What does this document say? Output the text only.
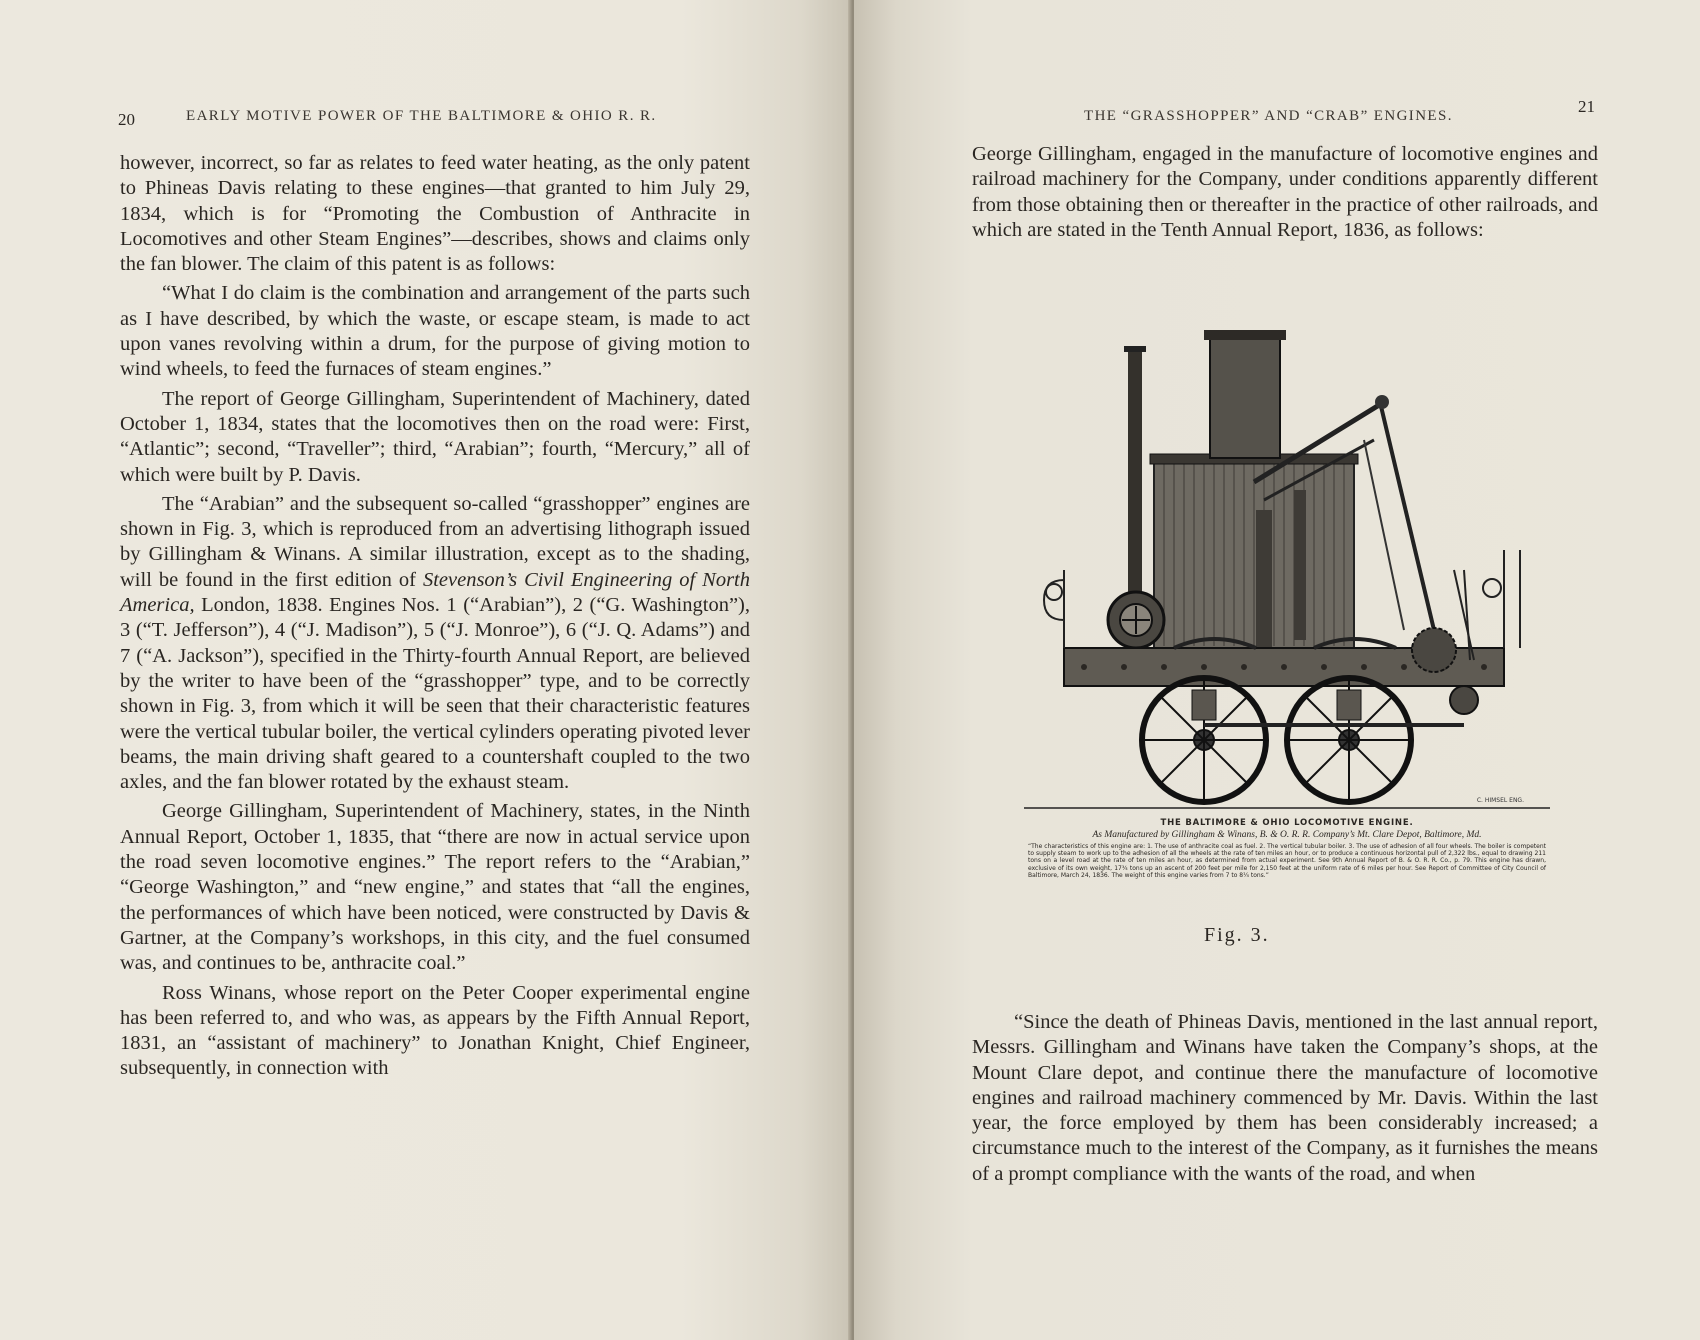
20	EARLY MOTIVE POWER OF THE BALTIMORE & OHIO R. R.

however, incorrect, so far as relates to feed water heating, as the only patent to Phineas Davis relating to these engines—that granted to him July 29, 1834, which is for “Promoting the Combustion of Anthracite in Locomotives and other Steam Engines”—describes, shows and claims only the fan blower. The claim of this patent is as follows:

“What I do claim is the combination and arrangement of the parts such as I have described, by which the waste, or escape steam, is made to act upon vanes revolving within a drum, for the purpose of giving motion to wind wheels, to feed the furnaces of steam engines.”

The report of George Gillingham, Superintendent of Machinery, dated October 1, 1834, states that the locomotives then on the road were: First, “Atlantic”; second, “Traveller”; third, “Arabian”; fourth, “Mercury,” all of which were built by P. Davis.

The “Arabian” and the subsequent so-called “grasshopper” engines are shown in Fig. 3, which is reproduced from an advertising lithograph issued by Gillingham & Winans. A similar illustration, except as to the shading, will be found in the first edition of Stevenson’s Civil Engineering of North America, London, 1838. Engines Nos. 1 (“Arabian”), 2 (“G. Washington”), 3 (“T. Jefferson”), 4 (“J. Madison”), 5 (“J. Monroe”), 6 (“J. Q. Adams”) and 7 (“A. Jackson”), specified in the Thirty-fourth Annual Report, are believed by the writer to have been of the “grasshopper” type, and to be correctly shown in Fig. 3, from which it will be seen that their characteristic features were the vertical tubular boiler, the vertical cylinders operating pivoted lever beams, the main driving shaft geared to a countershaft coupled to the two axles, and the fan blower rotated by the exhaust steam.

George Gillingham, Superintendent of Machinery, states, in the Ninth Annual Report, October 1, 1835, that “there are now in actual service upon the road seven locomotive engines.” The report refers to the “Arabian,” “George Washington,” and “new engine,” and states that “all the engines, the performances of which have been noticed, were constructed by Davis & Gartner, at the Company’s workshops, in this city, and the fuel consumed was, and continues to be, anthracite coal.”

Ross Winans, whose report on the Peter Cooper experimental engine has been referred to, and who was, as appears by the Fifth Annual Report, 1831, an “assistant of machinery” to Jonathan Knight, Chief Engineer, subsequently, in connection with

THE “GRASSHOPPER” AND “CRAB” ENGINES.	21

George Gillingham, engaged in the manufacture of locomotive engines and railroad machinery for the Company, under conditions apparently different from those obtaining then or thereafter in the practice of other railroads, and which are stated in the Tenth Annual Report, 1836, as follows:

C. HIMSEL ENG.
THE BALTIMORE & OHIO LOCOMOTIVE ENGINE.
As Manufactured by Gillingham & Winans, B. & O. R. R. Company’s Mt. Clare Depot, Baltimore, Md.
“The characteristics of this engine are: 1. The use of anthracite coal as fuel. 2. The vertical tubular boiler. 3. The use of adhesion of all four wheels. The boiler is competent to supply steam to work up to the adhesion of all the wheels at the rate of ten miles an hour, or to produce a continuous horizontal pull of 2,322 lbs., equal to drawing 211 tons on a level road at the rate of ten miles an hour, as determined from actual experiment. See 9th Annual Report of B. & O. R. R. Co., p. 79. This engine has drawn, exclusive of its own weight, 17¾ tons up an ascent of 200 feet per mile for 2,150 feet at the uniform rate of 6 miles per hour. See Report of Committee of City Council of Baltimore, March 24, 1836. The weight of this engine varies from 7 to 8¼ tons.”
Fig. 3.

“Since the death of Phineas Davis, mentioned in the last annual report, Messrs. Gillingham and Winans have taken the Company’s shops, at the Mount Clare depot, and continue there the manufacture of locomotive engines and railroad machinery commenced by Mr. Davis. Within the last year, the force employed by them has been considerably increased; a circumstance much to the interest of the Company, as it furnishes the means of a prompt compliance with the wants of the road, and when
